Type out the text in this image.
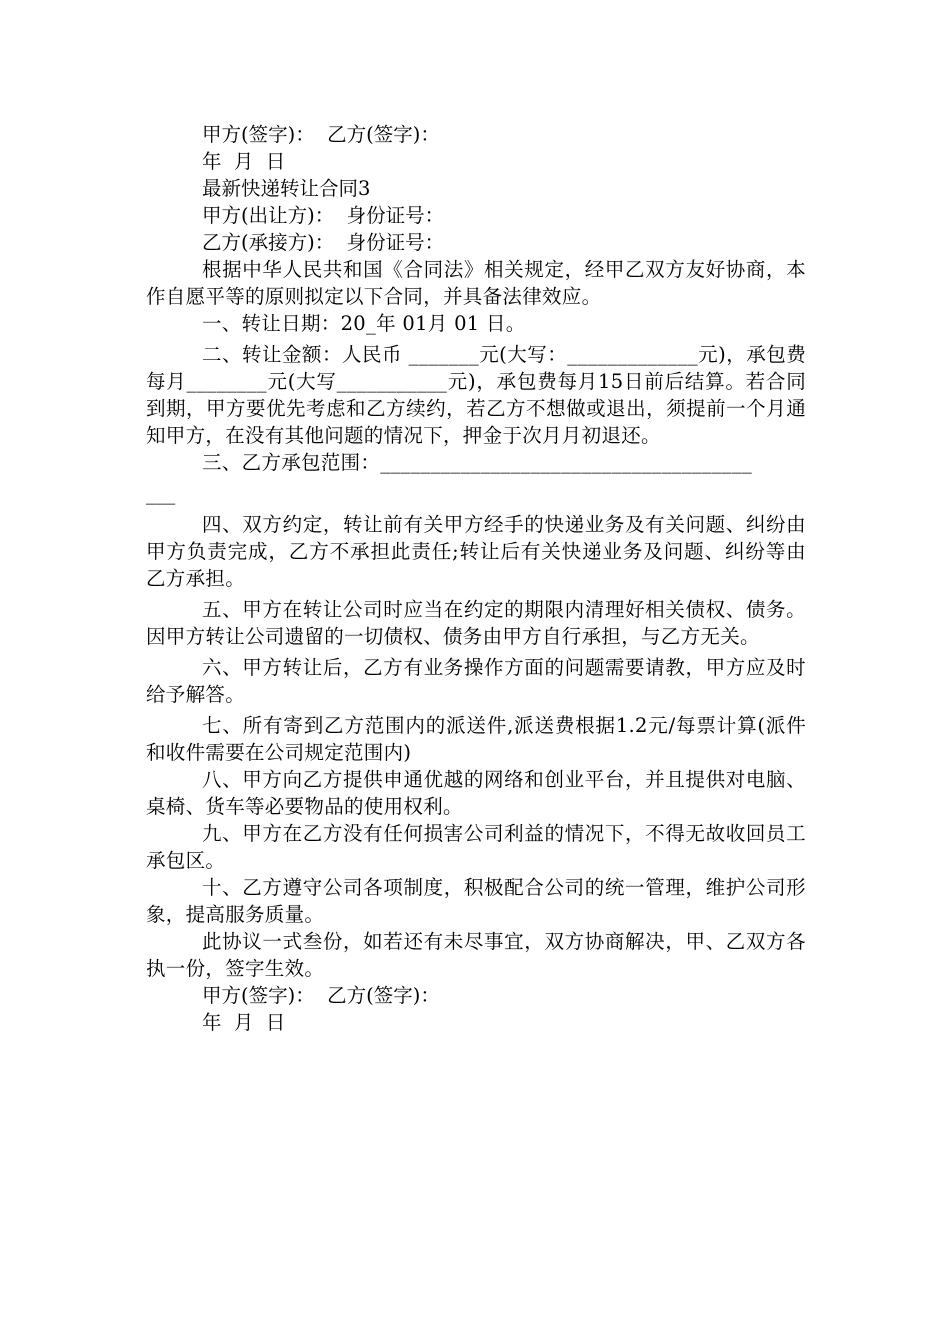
甲方(签字)：  乙方(签字)：
年  月  日
最新快递转让合同3
甲方(出让方)：  身份证号：
乙方(承接方)：  身份证号：
根据中华人民共和国《合同法》相关规定，经甲乙双方友好协商，本作自愿平等的原则拟定以下合同，并具备法律效应。
一、转让日期：20_年 01月 01 日。
二、转让金额：人民币 _______元(大写：_____________元)，承包费每月________元(大写___________元)，承包费每月15日前后结算。若合同到期，甲方要优先考虑和乙方续约，若乙方不想做或退出，须提前一个月通知甲方，在没有其他问题的情况下，押金于次月月初退还。
三、乙方承包范围：_____________________________________
___
四、双方约定，转让前有关甲方经手的快递业务及有关问题、纠纷由甲方负责完成，乙方不承担此责任;转让后有关快递业务及问题、纠纷等由乙方承担。
五、甲方在转让公司时应当在约定的期限内清理好相关债权、债务。 因甲方转让公司遗留的一切债权、债务由甲方自行承担，与乙方无关。
六、甲方转让后，乙方有业务操作方面的问题需要请教，甲方应及时给予解答。
七、所有寄到乙方范围内的派送件,派送费根据1.2元/每票计算(派件和收件需要在公司规定范围内)
八、甲方向乙方提供申通优越的网络和创业平台，并且提供对电脑、桌椅、货车等必要物品的使用权利。
九、甲方在乙方没有任何损害公司利益的情况下，不得无故收回员工承包区。
十、乙方遵守公司各项制度，积极配合公司的统一管理，维护公司形象，提高服务质量。
此协议一式叁份，如若还有未尽事宜，双方协商解决，甲、乙双方各执一份，签字生效。
甲方(签字)：  乙方(签字)：
年  月  日
